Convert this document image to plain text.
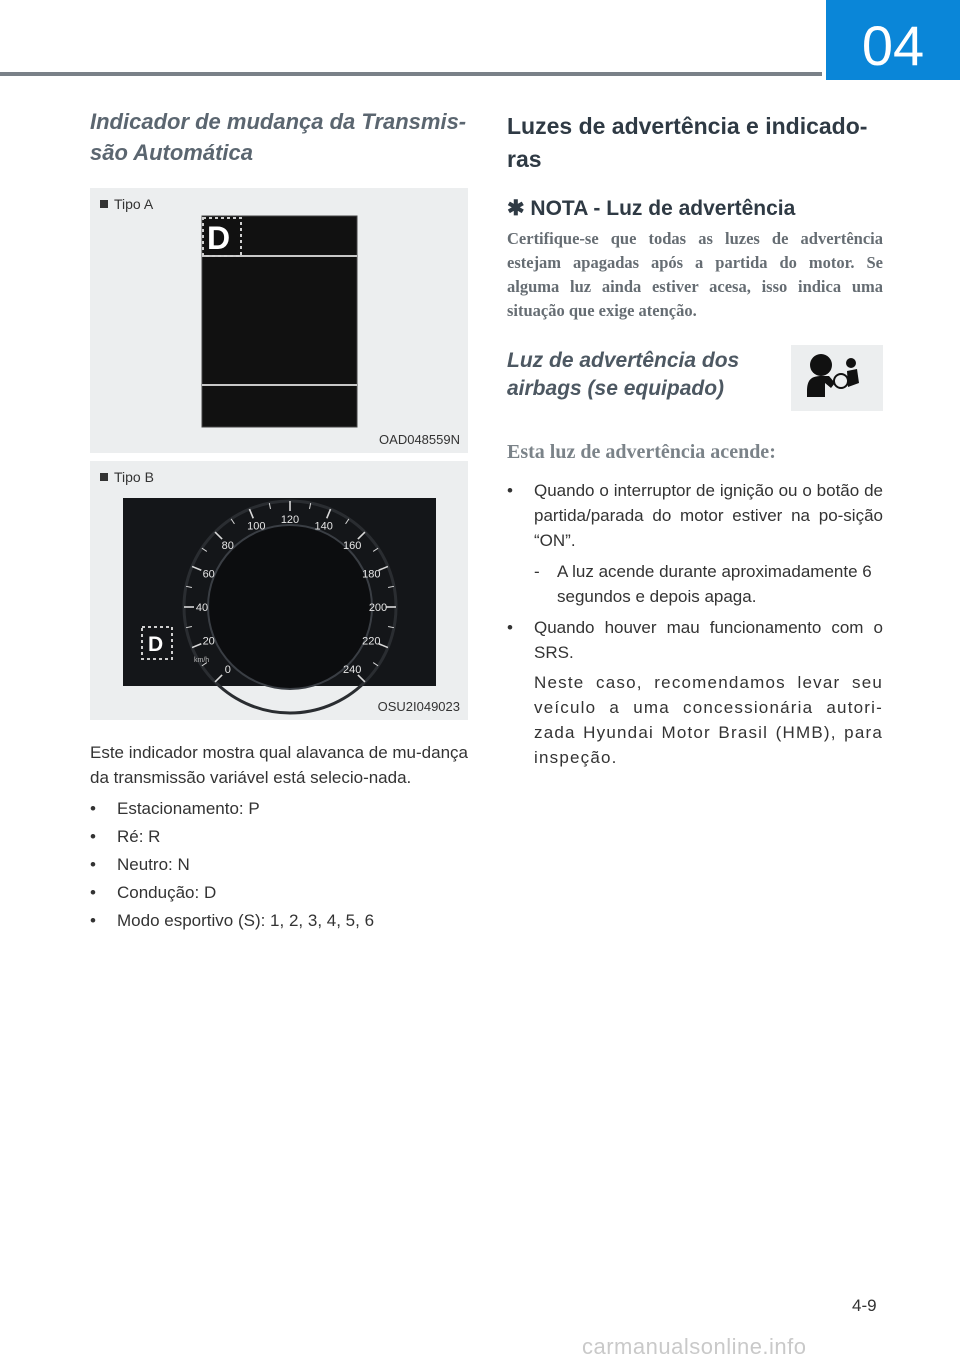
04

Indicador de mudança da Transmis-
são Automática

Tipo A
D
OAD048559N
Tipo B
0
20
40
60
80
100
120
140
160
180
200
220
240
km/h
D
OSU2I049023

Este indicador mostra qual alavanca de mu-dança da transmissão variável está selecio-nada.

• Estacionamento: P
• Ré: R
• Neutro: N
• Condução: D
• Modo esportivo (S): 1, 2, 3, 4, 5, 6

Luzes de advertência e indicado-
ras

✱ NOTA - Luz de advertência

Certifique-se que todas as luzes de advertência estejam apagadas após a partida do motor. Se alguma luz ainda estiver acesa, isso indica uma situação que exige atenção.

Luz de advertência dos
airbags (se equipado)

Esta luz de advertência acende:

• Quando o interruptor de ignição ou o botão de partida/parada do motor estiver na po-sição “ON”.
- A luz acende durante aproximadamente 6 segundos e depois apaga.
• Quando houver mau funcionamento com o SRS.

Neste caso, recomendamos levar seu veículo a uma concessionária autori-zada Hyundai Motor Brasil (HMB), para inspeção.

4-9
carmanualsonline.info
